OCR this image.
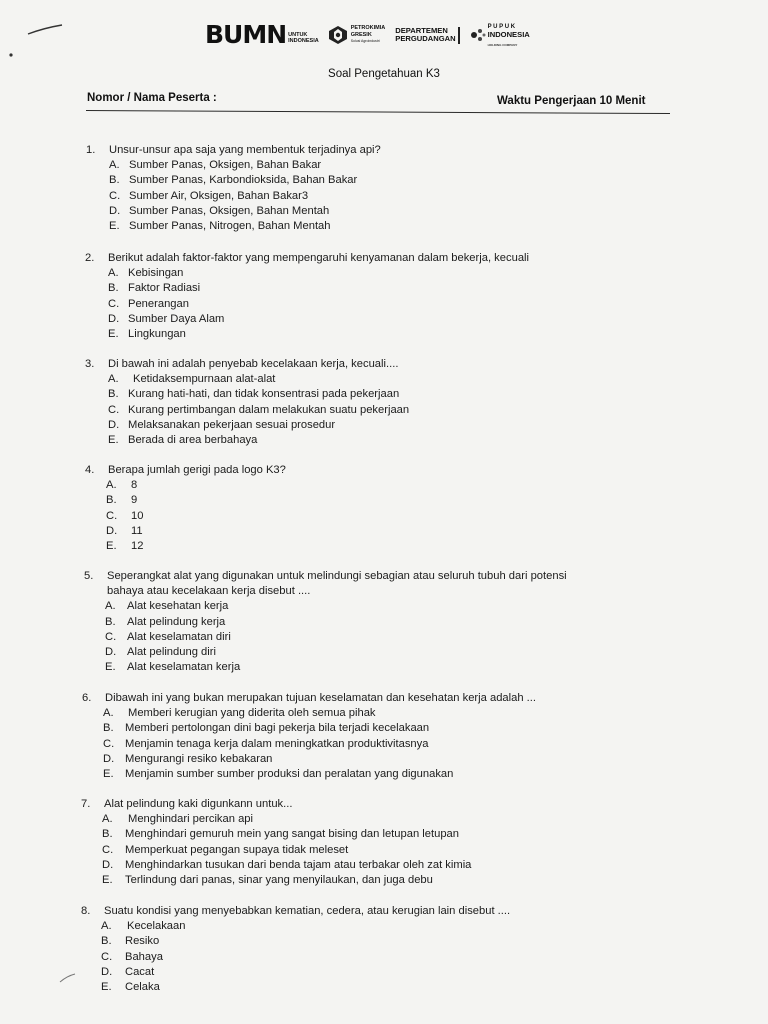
BUMN UNTUK
INDONESIA
PETROKIMIA
GRESIK
Solusi Agroindustri
DEPARTEMEN
PERGUDANGAN
P U P U K
INDONESIA
HOLDING COMPANY
Soal Pengetahuan K3
Nomor / Nama Peserta :	Waktu Pengerjaan 10 Menit
1.	Unsur-unsur apa saja yang membentuk terjadinya api?
A. Sumber Panas, Oksigen, Bahan Bakar
B. Sumber Panas, Karbondioksida, Bahan Bakar
C. Sumber Air, Oksigen, Bahan Bakar3
D. Sumber Panas, Oksigen, Bahan Mentah
E. Sumber Panas, Nitrogen, Bahan Mentah
2.	Berikut adalah faktor-faktor yang mempengaruhi kenyamanan dalam bekerja, kecuali
A. Kebisingan
B. Faktor Radiasi
C. Penerangan
D. Sumber Daya Alam
E. Lingkungan
3.	Di bawah ini adalah penyebab kecelakaan kerja, kecuali....
A.	Ketidaksempurnaan alat-alat
B. Kurang hati-hati, dan tidak konsentrasi pada pekerjaan
C. Kurang pertimbangan dalam melakukan suatu pekerjaan
D. Melaksanakan pekerjaan sesuai prosedur
E. Berada di area berbahaya
4.	Berapa jumlah gerigi pada logo K3?
A.	8
B.	9
C.	10
D.	11
E.	12
5.	Seperangkat alat yang digunakan untuk melindungi sebagian atau seluruh tubuh dari potensi
bahaya atau kecelakaan kerja disebut ....
A.	Alat kesehatan kerja
B.	Alat pelindung kerja
C. Alat keselamatan diri
D. Alat pelindung diri
E.	Alat keselamatan kerja
6.	Dibawah ini yang bukan merupakan tujuan keselamatan dan kesehatan kerja adalah ...
A.	Memberi kerugian yang diderita oleh semua pihak
B.	Memberi pertolongan dini bagi pekerja bila terjadi kecelakaan
C. Menjamin tenaga kerja dalam meningkatkan produktivitasnya
D. Mengurangi resiko kebakaran
E.	Menjamin sumber sumber produksi dan peralatan yang digunakan
7.	Alat pelindung kaki digunkann untuk...
A.	Menghindari percikan api
B.	Menghindari gemuruh mein yang sangat bising dan letupan letupan
C.	Memperkuat pegangan supaya tidak meleset
D.	Menghindarkan tusukan dari benda tajam atau terbakar oleh zat kimia
E.	Terlindung dari panas, sinar yang menyilaukan, dan juga debu
8.	Suatu kondisi yang menyebabkan kematian, cedera, atau kerugian lain disebut ....
A.	Kecelakaan
B.	Resiko
C.	Bahaya
D.	Cacat
E.	Celaka
